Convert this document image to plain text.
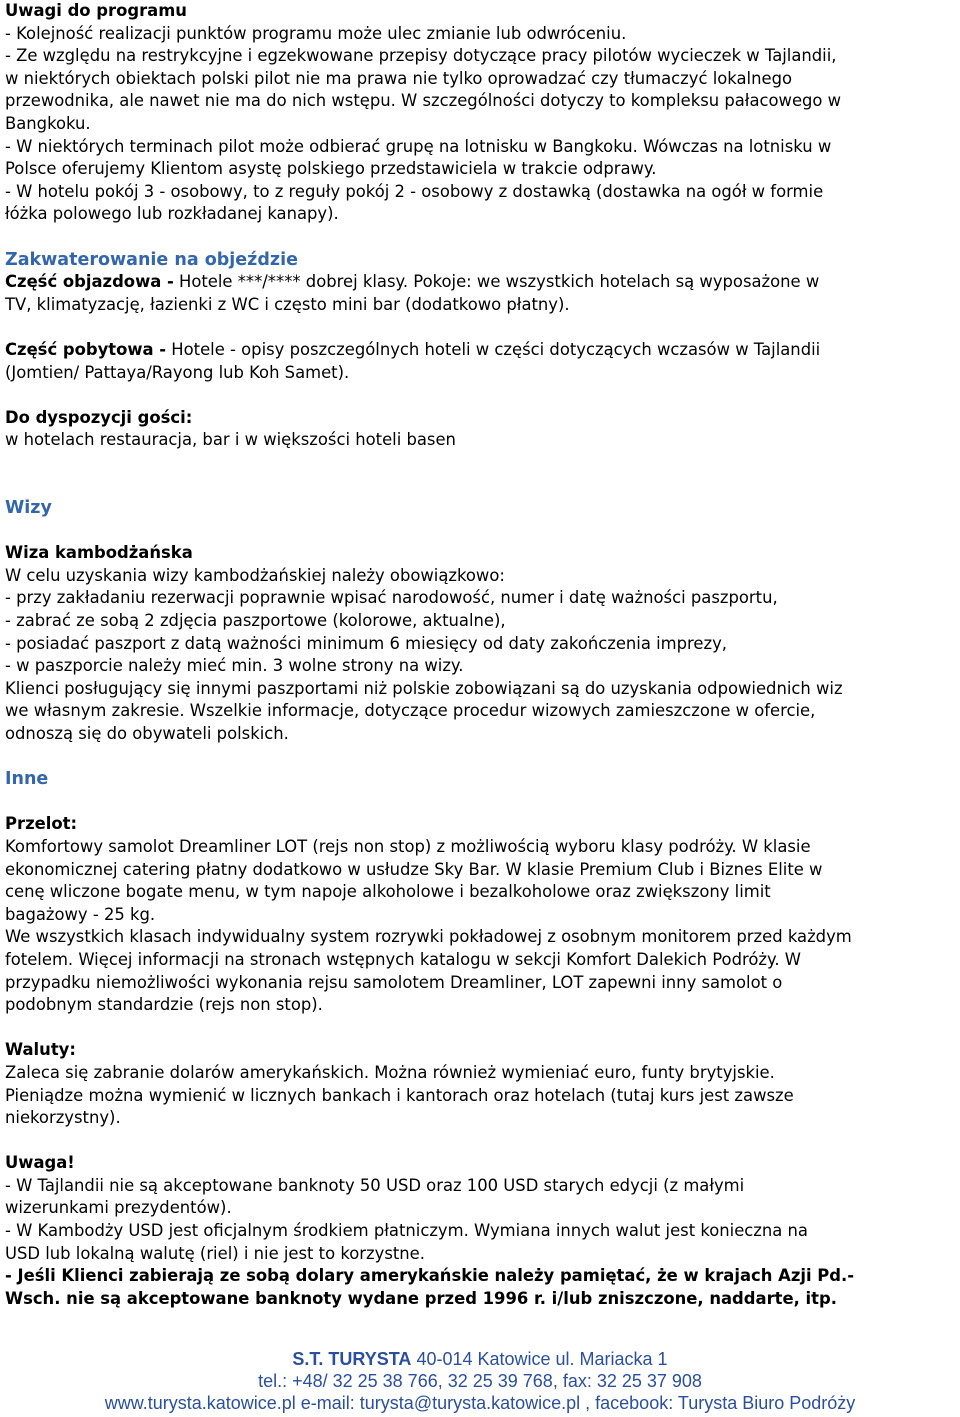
Uwagi do programu
- Kolejność realizacji punktów programu może ulec zmianie lub odwróceniu.
- Ze względu na restrykcyjne i egzekwowane przepisy dotyczące pracy pilotów wycieczek w Tajlandii,
w niektórych obiektach polski pilot nie ma prawa nie tylko oprowadzać czy tłumaczyć lokalnego
przewodnika, ale nawet nie ma do nich wstępu. W szczególności dotyczy to kompleksu pałacowego w
Bangkoku.
- W niektórych terminach pilot może odbierać grupę na lotnisku w Bangkoku. Wówczas na lotnisku w
Polsce oferujemy Klientom asystę polskiego przedstawiciela w trakcie odprawy.
- W hotelu pokój 3 - osobowy, to z reguły pokój 2 - osobowy z dostawką (dostawka na ogół w formie
łóżka polowego lub rozkładanej kanapy).
Zakwaterowanie na objeździe
Część objazdowa - Hotele ***/**** dobrej klasy. Pokoje: we wszystkich hotelach są wyposażone w
TV, klimatyzację, łazienki z WC i często mini bar (dodatkowo płatny).
Część pobytowa - Hotele - opisy poszczególnych hoteli w części dotyczących wczasów w Tajlandii
(Jomtien/ Pattaya/Rayong lub Koh Samet).
Do dyspozycji gości:
w hotelach restauracja, bar i w większości hoteli basen
Wizy
Wiza kambodżańska
W celu uzyskania wizy kambodżańskiej należy obowiązkowo:
- przy zakładaniu rezerwacji poprawnie wpisać narodowość, numer i datę ważności paszportu,
- zabrać ze sobą 2 zdjęcia paszportowe (kolorowe, aktualne),
- posiadać paszport z datą ważności minimum 6 miesięcy od daty zakończenia imprezy,
- w paszporcie należy mieć min. 3 wolne strony na wizy.
Klienci posługujący się innymi paszportami niż polskie zobowiązani są do uzyskania odpowiednich wiz
we własnym zakresie. Wszelkie informacje, dotyczące procedur wizowych zamieszczone w ofercie,
odnoszą się do obywateli polskich.
Inne
Przelot:
Komfortowy samolot Dreamliner LOT (rejs non stop) z możliwością wyboru klasy podróży. W klasie
ekonomicznej catering płatny dodatkowo w usłudze Sky Bar. W klasie Premium Club i Biznes Elite w
cenę wliczone bogate menu, w tym napoje alkoholowe i bezalkoholowe oraz zwiększony limit
bagażowy - 25 kg.
We wszystkich klasach indywidualny system rozrywki pokładowej z osobnym monitorem przed każdym
fotelem. Więcej informacji na stronach wstępnych katalogu w sekcji Komfort Dalekich Podróży. W
przypadku niemożliwości wykonania rejsu samolotem Dreamliner, LOT zapewni inny samolot o
podobnym standardzie (rejs non stop).
Waluty:
Zaleca się zabranie dolarów amerykańskich. Można również wymieniać euro, funty brytyjskie.
Pieniądze można wymienić w licznych bankach i kantorach oraz hotelach (tutaj kurs jest zawsze
niekorzystny).
Uwaga!
- W Tajlandii nie są akceptowane banknoty 50 USD oraz 100 USD starych edycji (z małymi
wizerunkami prezydentów).
- W Kambodży USD jest oficjalnym środkiem płatniczym. Wymiana innych walut jest konieczna na
USD lub lokalną walutę (riel) i nie jest to korzystne.
- Jeśli Klienci zabierają ze sobą dolary amerykańskie należy pamiętać, że w krajach Azji Pd.-
Wsch. nie są akceptowane banknoty wydane przed 1996 r. i/lub zniszczone, naddarte, itp.
S.T. TURYSTA 40-014 Katowice ul. Mariacka 1
tel.: +48/ 32 25 38 766, 32 25 39 768, fax: 32 25 37 908
www.turysta.katowice.pl e-mail: turysta@turysta.katowice.pl , facebook: Turysta Biuro Podróży
